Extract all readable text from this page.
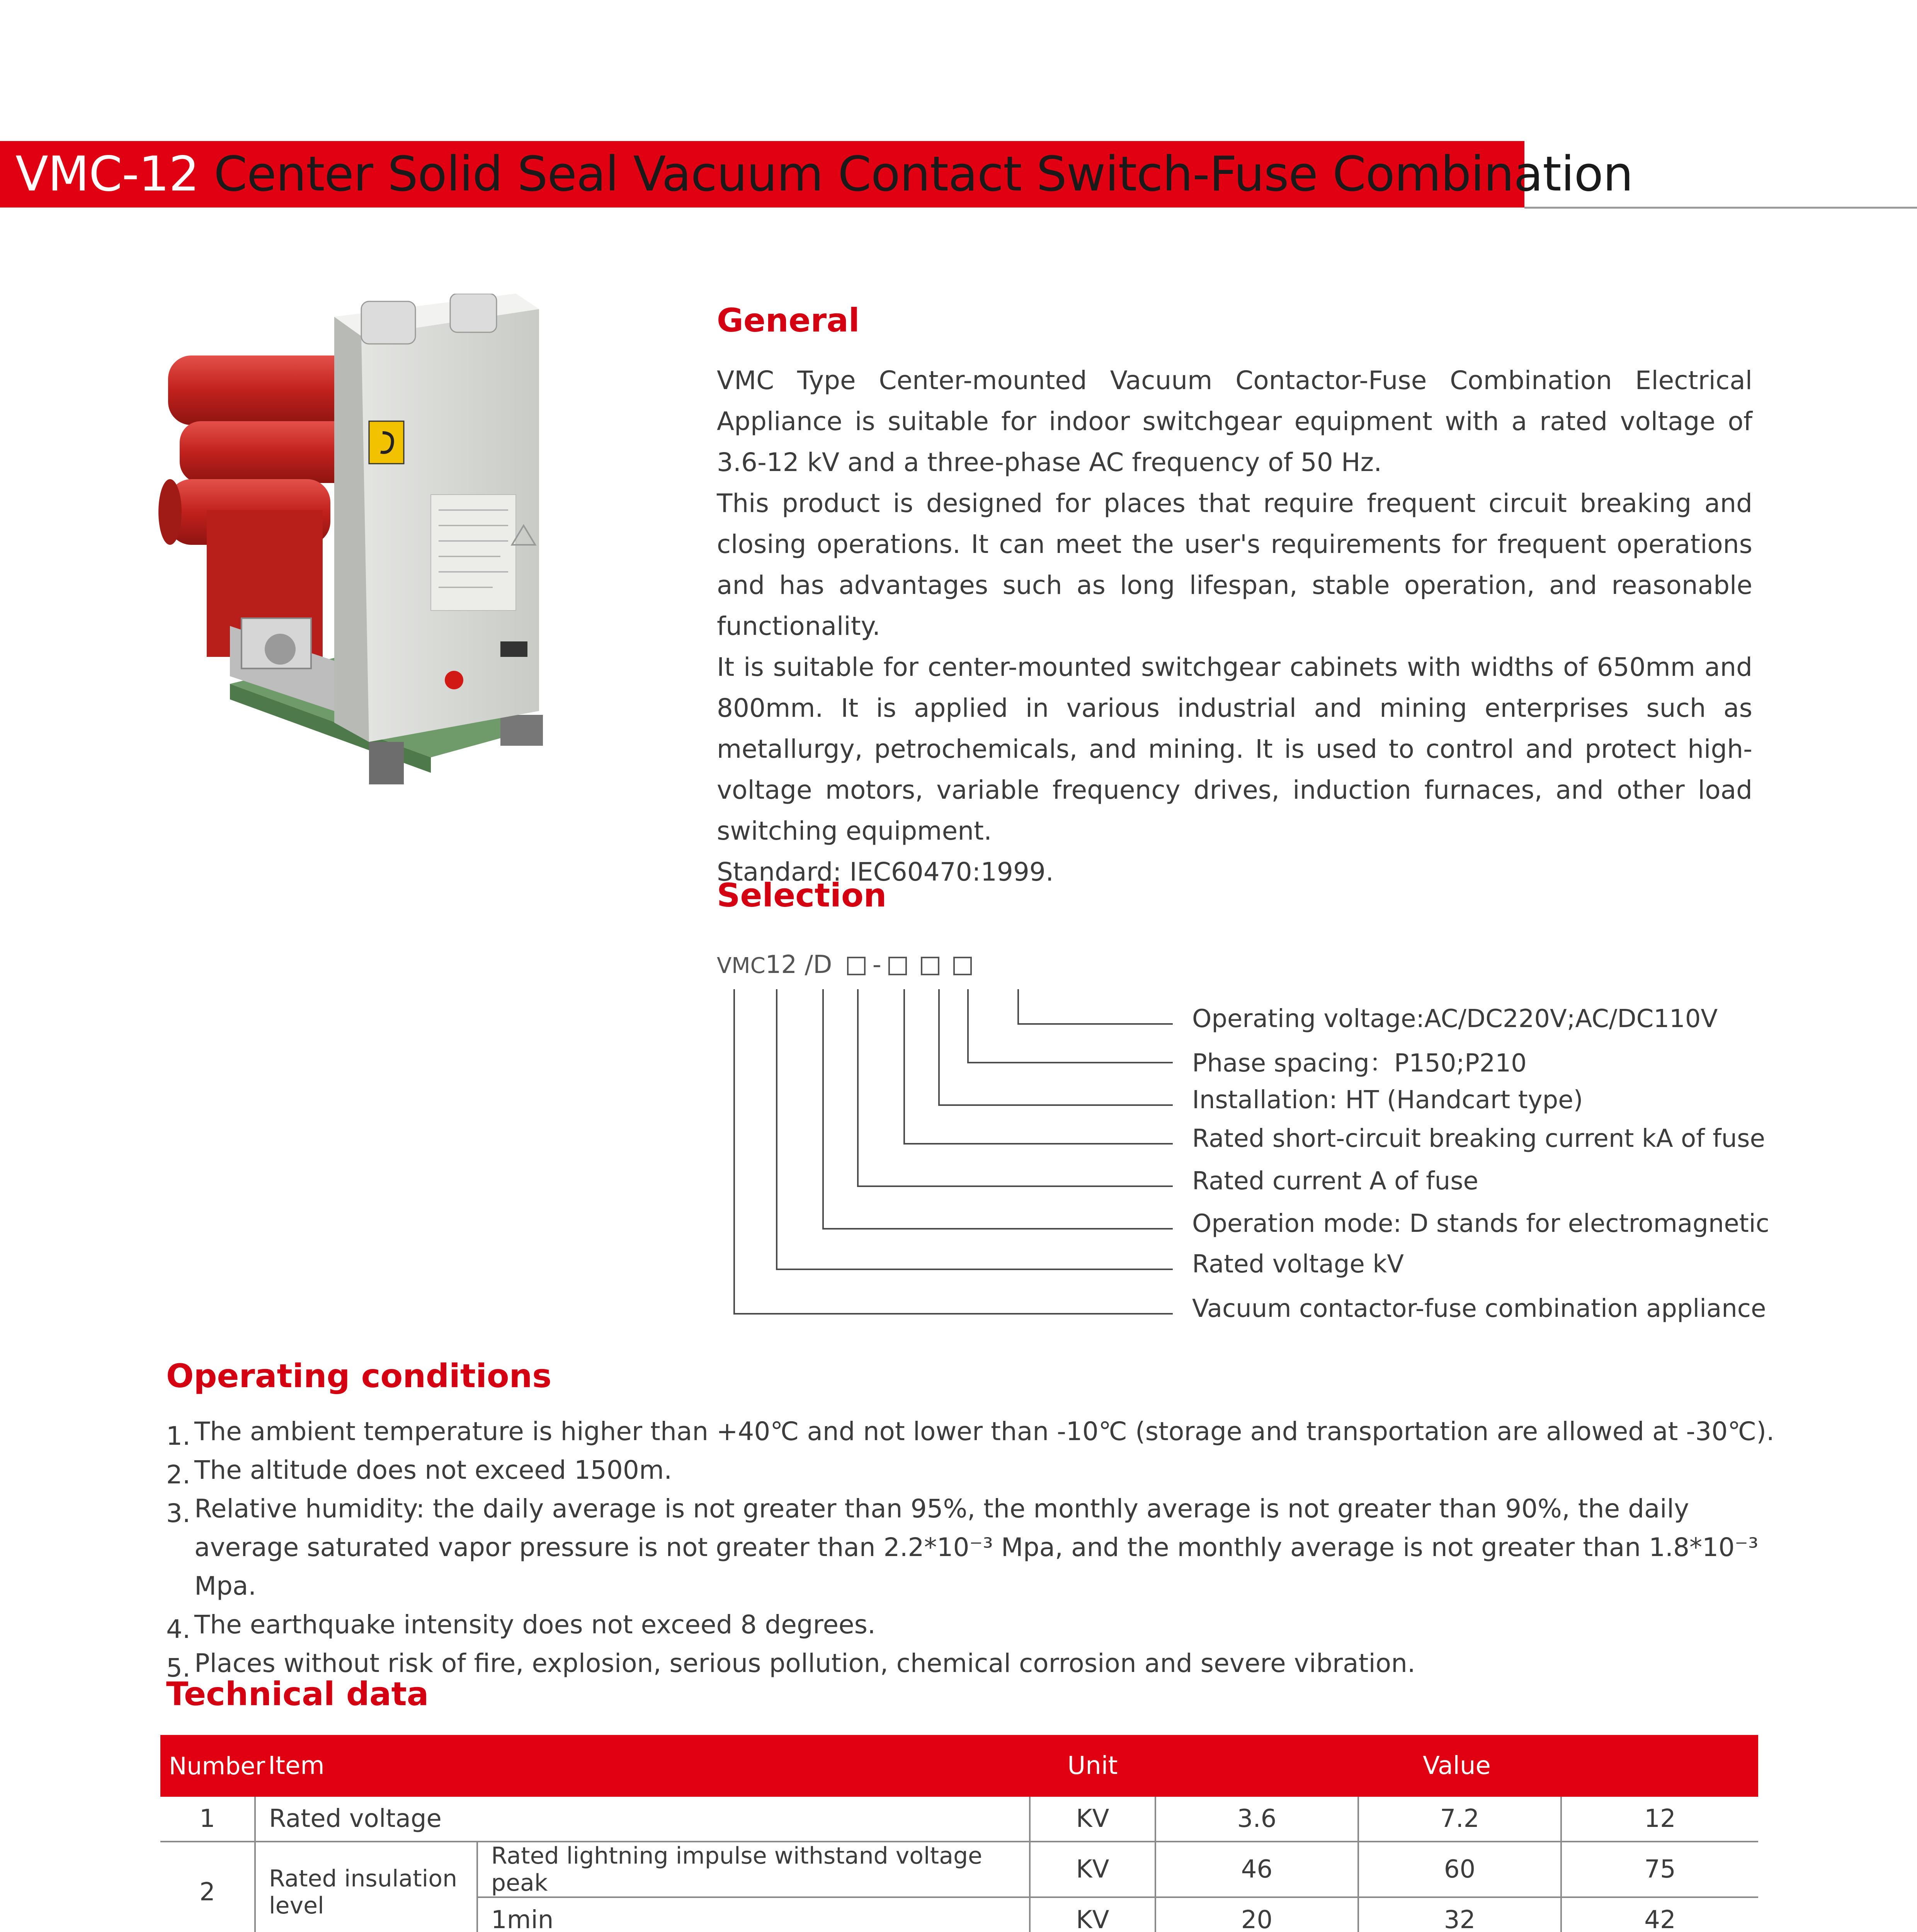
VMC-12 Center Solid Seal Vacuum Contact Switch-Fuse Combination
General

VMC Type Center-mounted Vacuum Contactor-Fuse Combination Electrical Appliance is suitable for indoor switchgear equipment with a rated voltage of 3.6-12 kV and a three-phase AC frequency of 50 Hz.

This product is designed for places that require frequent circuit breaking and closing operations. It can meet the user's requirements for frequent operations and has advantages such as long lifespan, stable operation, and reasonable functionality.

It is suitable for center-mounted switchgear cabinets with widths of 650mm and 800mm. It is applied in various industrial and mining enterprises such as metallurgy, petrochemicals, and mining. It is used to control and protect high-voltage motors, variable frequency drives, induction furnaces, and other load switching equipment.

Standard: IEC60470:1999.

Selection
VMC12 /D -
Operating voltage:AC/DC220V;AC/DC110V
Phase spacing：P150;P210
Installation: HT (Handcart type)
Rated short-circuit breaking current kA of fuse
Rated current A of fuse
Operation mode: D stands for electromagnetic
Rated voltage kV
Vacuum contactor-fuse combination appliance
Operating conditions
1. The ambient temperature is higher than +40℃ and not lower than -10℃ (storage and transportation are allowed at -30℃).
2. The altitude does not exceed 1500m.
3. Relative humidity: the daily average is not greater than 95%, the monthly average is not greater than 90%, the daily average saturated vapor pressure is not greater than 2.2*10⁻³ Mpa, and the monthly average is not greater than 1.8*10⁻³ Mpa.
4. The earthquake intensity does not exceed 8 degrees.
5. Places without risk of fire, explosion, serious pollution, chemical corrosion and severe vibration.
Technical data
Number	Item		Unit	Value		
1	Rated voltage		KV	3.6	7.2	12
2	Rated insulation level	Rated lightning impulse withstand voltage peak	KV	46	60	75
		1min	KV	20	32	42
